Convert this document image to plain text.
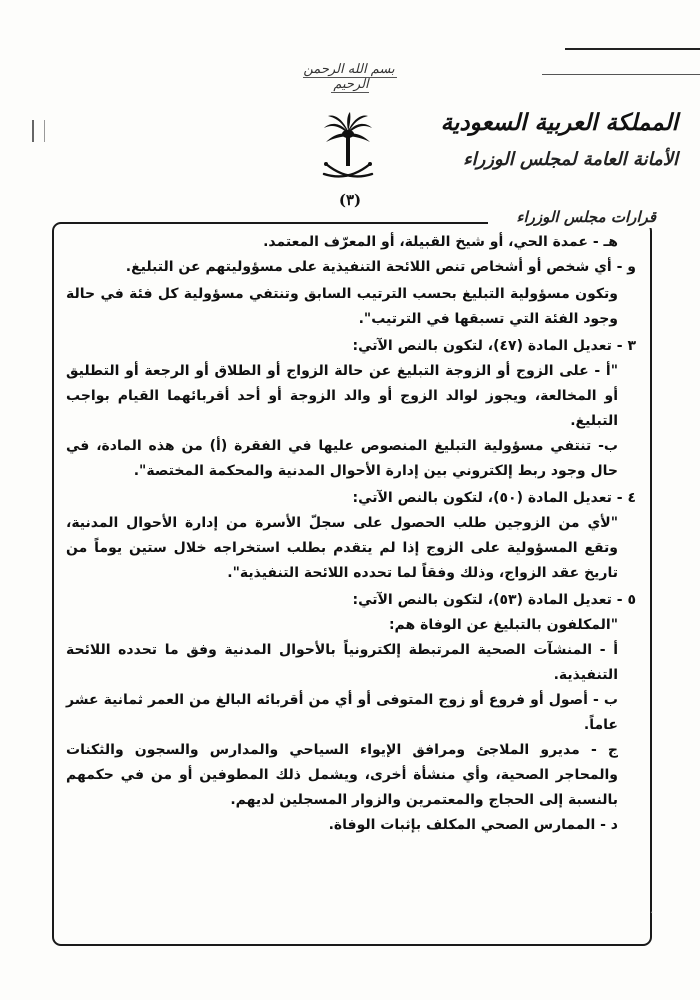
بسم الله الرحمن الرحيم
(٣)
المملكة العربية السعودية
الأمانة العامة لمجلس الوزراء
قرارات مجلس الوزراء

هـ - عمدة الحي، أو شيخ القبيلة، أو المعرّف المعتمد.

و - أي شخص أو أشخاص تنص اللائحة التنفيذية على مسؤوليتهم عن التبليغ.

وتكون مسؤولية التبليغ بحسب الترتيب السابق وتنتفي مسؤولية كل فئة في حالة وجود الفئة التي تسبقها في الترتيب".

٣ - تعديل المادة (٤٧)، لتكون بالنص الآتي:

"أ - على الزوج أو الزوجة التبليغ عن حالة الزواج أو الطلاق أو الرجعة أو التطليق أو المخالعة، ويجوز لوالد الزوج أو والد الزوجة أو أحد أقربائهما القيام بواجب التبليغ.

ب- تنتفي مسؤولية التبليغ المنصوص عليها في الفقرة (أ) من هذه المادة، في حال وجود ربط إلكتروني بين إدارة الأحوال المدنية والمحكمة المختصة".

٤ - تعديل المادة (٥٠)، لتكون بالنص الآتي:

"لأي من الزوجين طلب الحصول على سجلّ الأسرة من إدارة الأحوال المدنية، وتقع المسؤولية على الزوج إذا لم يتقدم بطلب استخراجه خلال ستين يوماً من تاريخ عقد الزواج، وذلك وفقاً لما تحدده اللائحة التنفيذية".

٥ - تعديل المادة (٥٣)، لتكون بالنص الآتي:

"المكلفون بالتبليغ عن الوفاة هم:

أ - المنشآت الصحية المرتبطة إلكترونياً بالأحوال المدنية وفق ما تحدده اللائحة التنفيذية.

ب - أصول أو فروع أو زوج المتوفى أو أي من أقربائه البالغ من العمر ثمانية عشر عاماً.

ج - مديرو الملاجئ ومرافق الإيواء السياحي والمدارس والسجون والثكنات والمحاجر الصحية، وأي منشأة أخرى، ويشمل ذلك المطوفين أو من في حكمهم بالنسبة إلى الحجاج والمعتمرين والزوار المسجلين لديهم.

د - الممارس الصحي المكلف بإثبات الوفاة.

.
